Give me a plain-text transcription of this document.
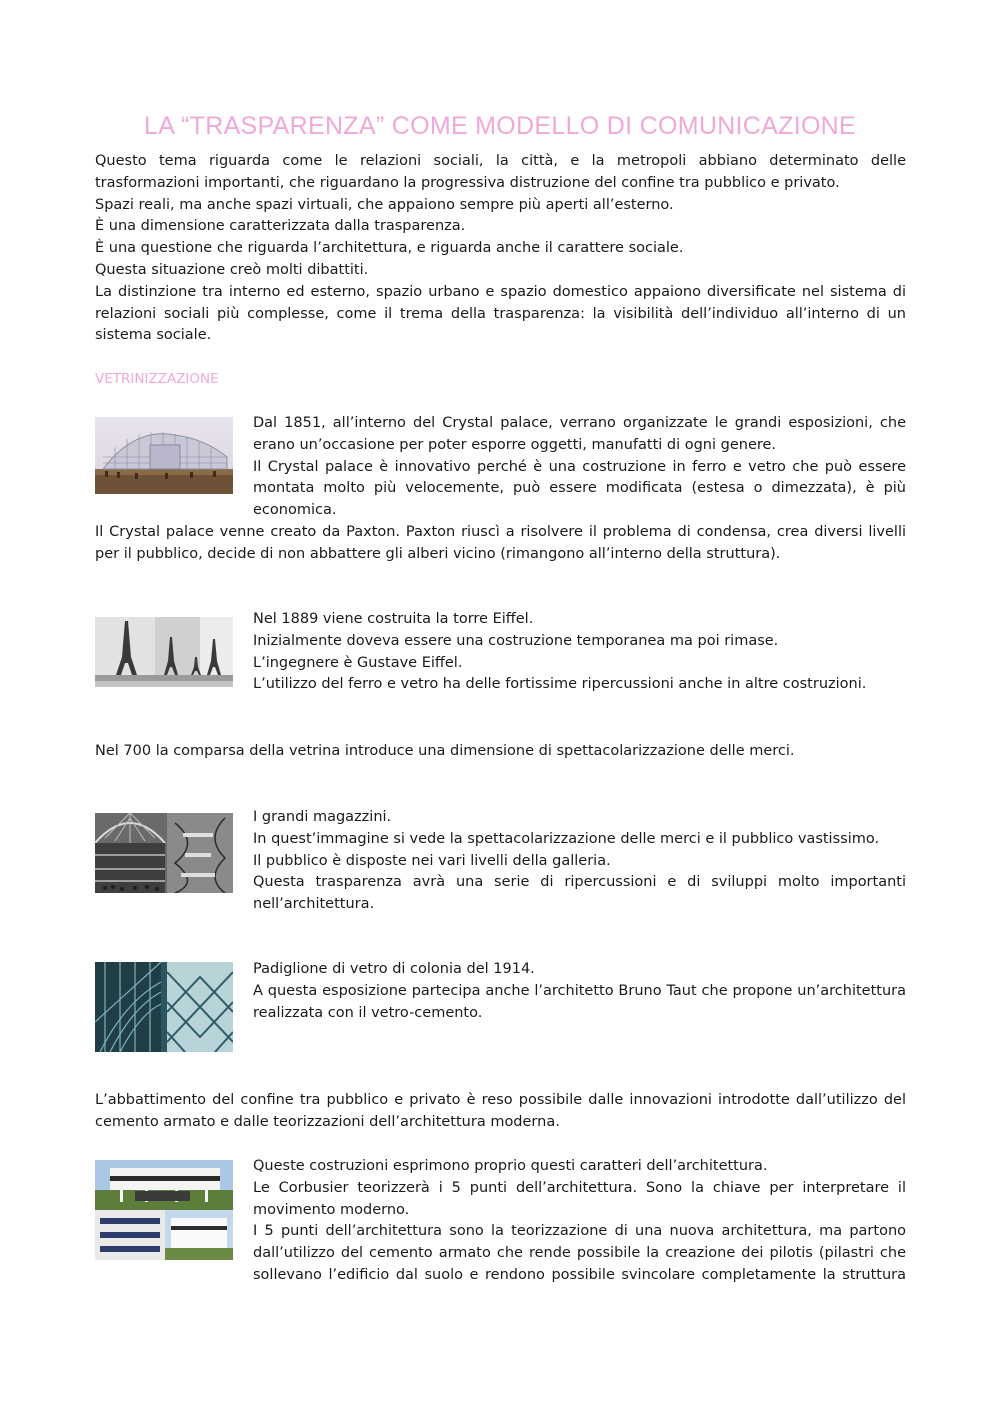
LA “TRASPARENZA” COME MODELLO DI COMUNICAZIONE
Questo tema riguarda come le relazioni sociali, la città, e la metropoli abbiano determinato delle trasformazioni importanti, che riguardano la progressiva distruzione del confine tra pubblico e privato.
Spazi reali, ma anche spazi virtuali, che appaiono sempre più aperti all’esterno.
È una dimensione caratterizzata dalla trasparenza.
È una questione che riguarda l’architettura, e riguarda anche il carattere sociale.
Questa situazione creò molti dibattiti.
La distinzione tra interno ed esterno, spazio urbano e spazio domestico appaiono diversificate nel sistema di relazioni sociali più complesse, come il trema della trasparenza: la visibilità dell’individuo all’interno di un sistema sociale.
VETRINIZZAZIONE
Dal 1851, all’interno del Crystal palace, verrano organizzate le grandi esposizioni, che erano un’occasione per poter esporre oggetti, manufatti di ogni genere.
Il Crystal palace è innovativo perché è una costruzione in ferro e vetro che può essere montata molto più velocemente, può essere modificata (estesa o dimezzata), è più economica.
Il Crystal palace venne creato da Paxton. Paxton riuscì a risolvere il problema di condensa, crea diversi livelli per il pubblico, decide di non abbattere gli alberi vicino (rimangono all’interno della struttura).
Nel 1889 viene costruita la torre Eiffel.
Inizialmente doveva essere una costruzione temporanea ma poi rimase.
L’ingegnere è Gustave Eiffel.
L’utilizzo del ferro e vetro ha delle fortissime ripercussioni anche in altre costruzioni.
Nel 700 la comparsa della vetrina introduce una dimensione di spettacolarizzazione delle merci.
I grandi magazzini.
In quest’immagine si vede la spettacolarizzazione delle merci e il pubblico vastissimo.
Il pubblico è disposte nei vari livelli della galleria.
Questa trasparenza avrà una serie di ripercussioni e di sviluppi molto importanti nell’architettura.
Padiglione di vetro di colonia del 1914.
A questa esposizione partecipa anche l’architetto Bruno Taut che propone un’architettura realizzata con il vetro-cemento.
L’abbattimento del confine tra pubblico e privato è reso possibile dalle innovazioni introdotte dall’utilizzo del cemento armato e dalle teorizzazioni dell’architettura moderna.
Queste costruzioni esprimono proprio questi caratteri dell’architettura.
Le Corbusier teorizzerà i 5 punti dell’architettura. Sono la chiave per interpretare il movimento moderno.
I 5 punti dell’architettura sono la teorizzazione di una nuova architettura, ma partono dall’utilizzo del cemento armato che rende possibile la creazione dei pilotis (pilastri che sollevano l’edificio dal suolo e rendono possibile svincolare completamente la struttura
